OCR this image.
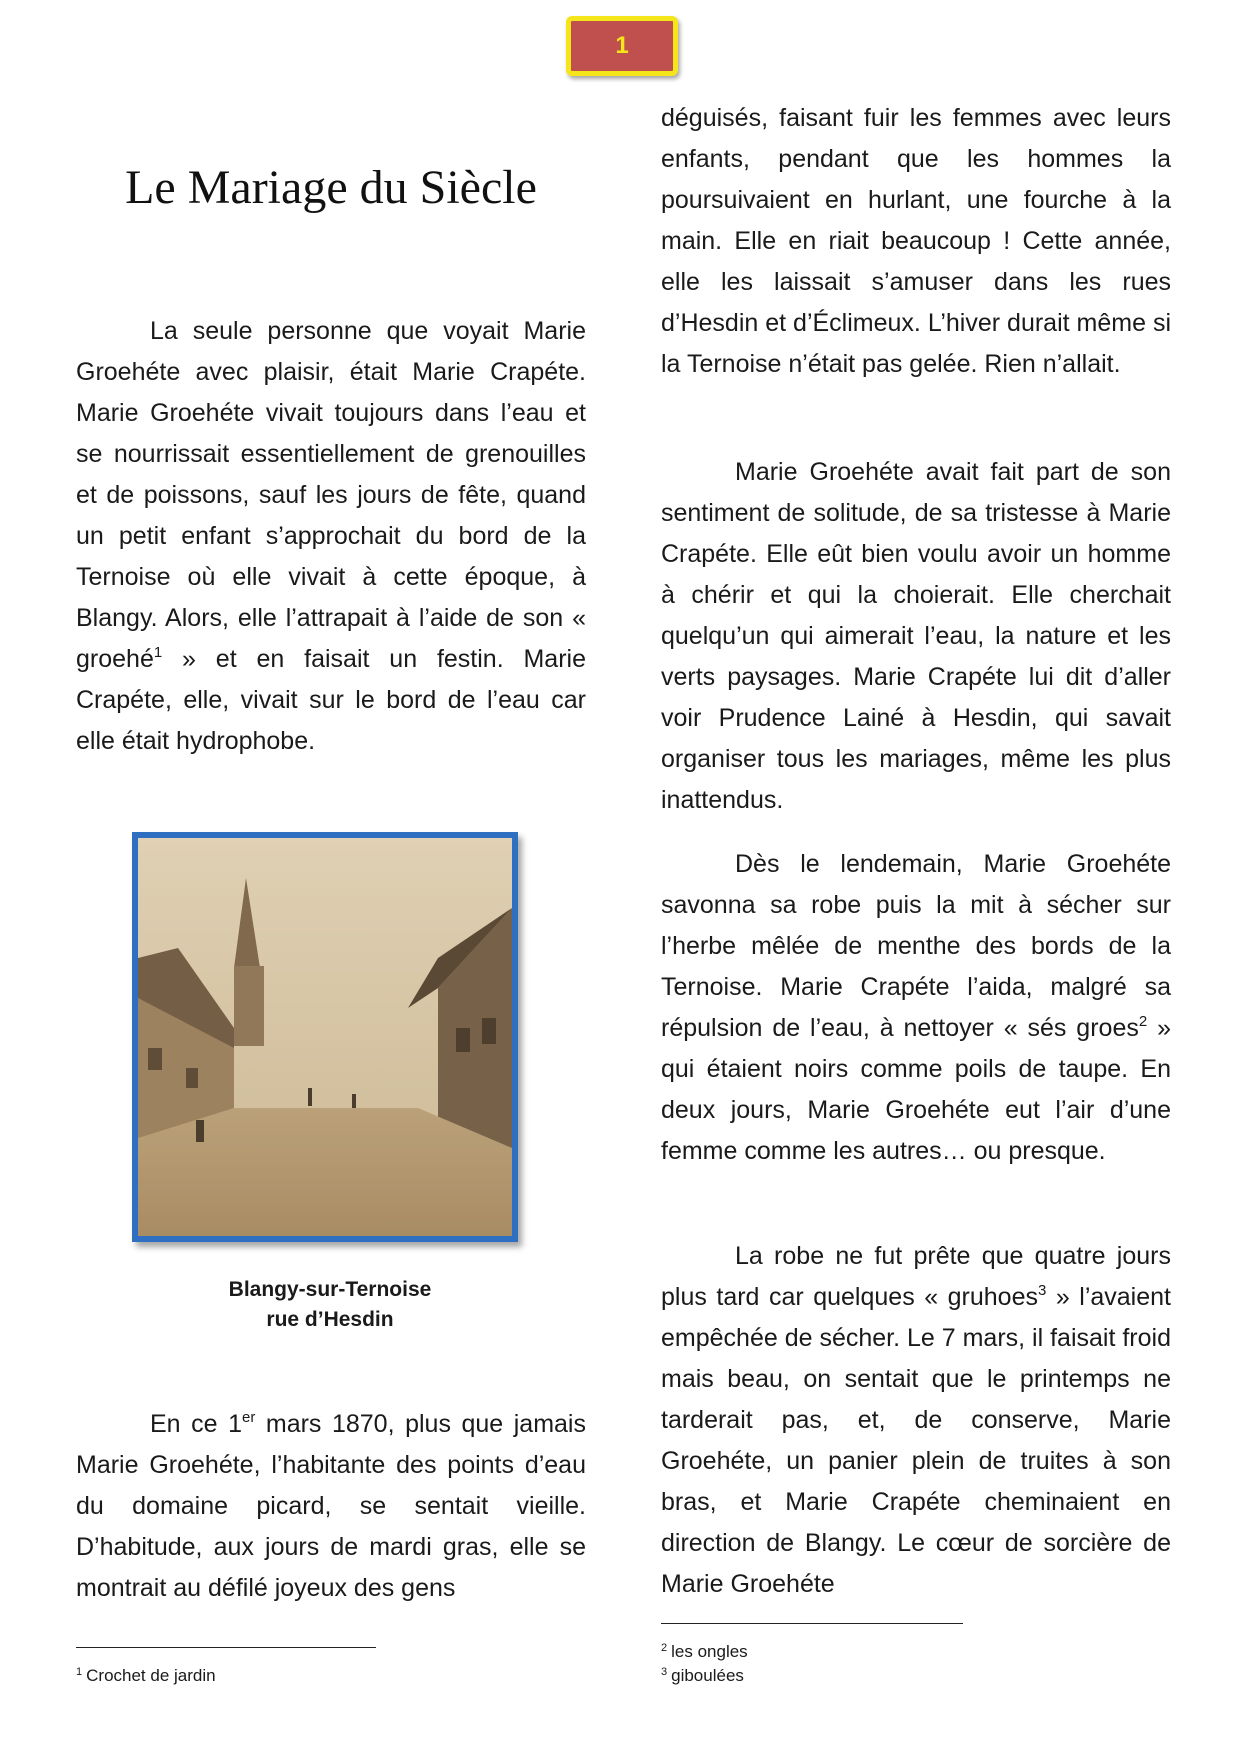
1
Le Mariage du Siècle

La seule personne que voyait Marie Groehéte avec plaisir, était Marie Crapéte. Marie Groehéte vivait toujours dans l’eau et se nourrissait essentiellement de grenouilles et de poissons, sauf les jours de fête, quand un petit enfant s’approchait du bord de la Ternoise où elle vivait à cette époque, à Blangy. Alors, elle l’attrapait à l’aide de son « groehé$^1$ » et en faisait un festin. Marie Crapéte, elle, vivait sur le bord de l’eau car elle était hydrophobe.

Blangy-sur-Ternoise
rue d’Hesdin

En ce 1er mars 1870, plus que jamais Marie Groehéte, l’habitante des points d’eau du domaine picard, se sentait vieille. D’habitude, aux jours de mardi gras, elle se montrait au défilé joyeux des gens

déguisés, faisant fuir les femmes avec leurs enfants, pendant que les hommes la poursuivaient en hurlant, une fourche à la main. Elle en riait beaucoup ! Cette année, elle les laissait s’amuser dans les rues d’Hesdin et d’Éclimeux. L’hiver durait même si la Ternoise n’était pas gelée. Rien n’allait.

Marie Groehéte avait fait part de son sentiment de solitude, de sa tristesse à Marie Crapéte. Elle eût bien voulu avoir un homme à chérir et qui la choierait. Elle cherchait quelqu’un qui aimerait l’eau, la nature et les verts paysages. Marie Crapéte lui dit d’aller voir Prudence Lainé à Hesdin, qui savait organiser tous les mariages, même les plus inattendus.

Dès le lendemain, Marie Groehéte savonna sa robe puis la mit à sécher sur l’herbe mêlée de menthe des bords de la Ternoise. Marie Crapéte l’aida, malgré sa répulsion de l’eau, à nettoyer « sés groes$^2$ » qui étaient noirs comme poils de taupe. En deux jours, Marie Groehéte eut l’air d’une femme comme les autres… ou presque.

La robe ne fut prête que quatre jours plus tard car quelques « gruhoes$^3$ » l’avaient empêchée de sécher. Le 7 mars, il faisait froid mais beau, on sentait que le printemps ne tarderait pas, et, de conserve, Marie Groehéte, un panier plein de truites à son bras, et Marie Crapéte cheminaient en direction de Blangy. Le cœur de sorcière de Marie Groehéte

$^1$ Crochet de jardin

$^2$ les ongles

$^3$ giboulées
